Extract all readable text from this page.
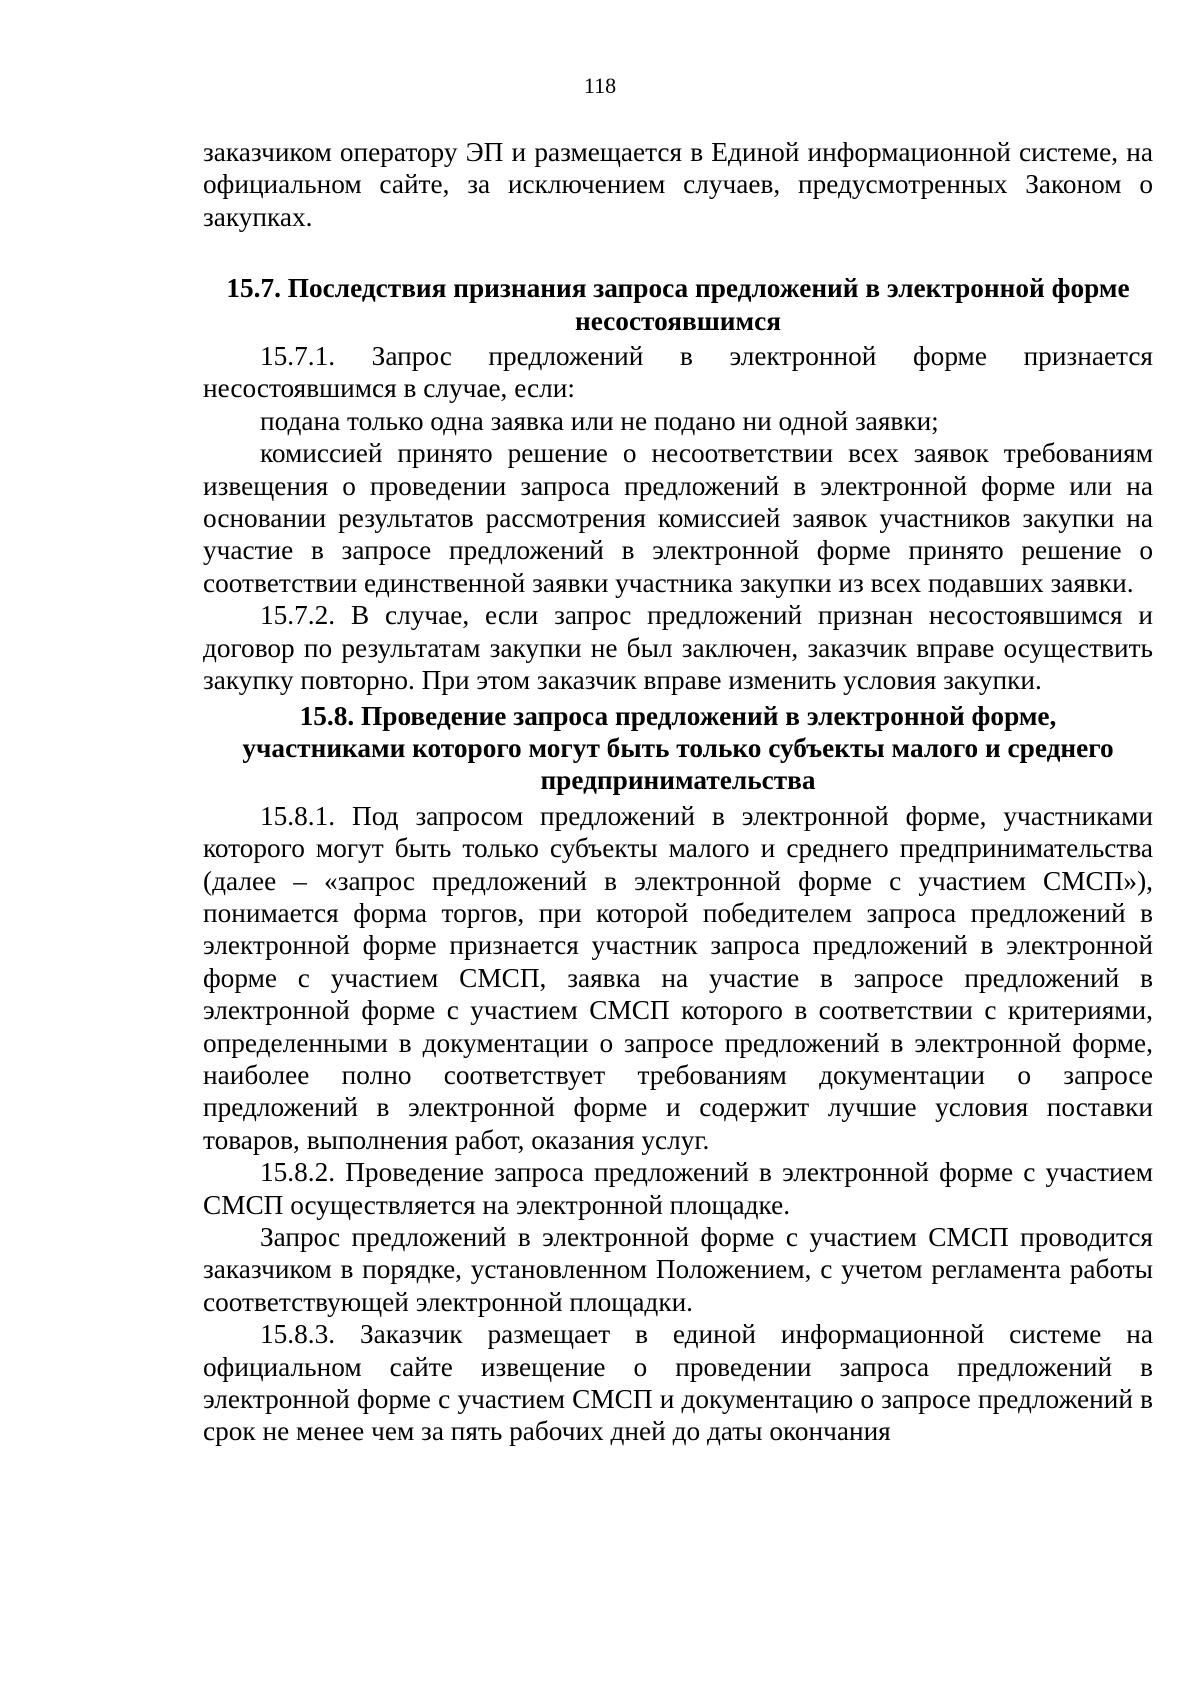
118

заказчиком оператору ЭП и размещается в Единой информационной системе, на официальном сайте, за исключением случаев, предусмотренных Законом о закупках.

15.7. Последствия признания запроса предложений в электронной форме
несостоявшимся

15.7.1. Запрос предложений в электронной форме признается несостоявшимся в случае, если:

подана только одна заявка или не подано ни одной заявки;

комиссией принято решение о несоответствии всех заявок требованиям извещения о проведении запроса предложений в электронной форме или на основании результатов рассмотрения комиссией заявок участников закупки на участие в запросе предложений в электронной форме принято решение о соответствии единственной заявки участника закупки из всех подавших заявки.

15.7.2. В случае, если запрос предложений признан несостоявшимся и договор по результатам закупки не был заключен, заказчик вправе осуществить закупку повторно. При этом заказчик вправе изменить условия закупки.

15.8. Проведение запроса предложений в электронной форме,
участниками которого могут быть только субъекты малого и среднего
предпринимательства

15.8.1. Под запросом предложений в электронной форме, участниками которого могут быть только субъекты малого и среднего предпринимательства (далее – «запрос предложений в электронной форме с участием СМСП»), понимается форма торгов, при которой победителем запроса предложений в электронной форме признается участник запроса предложений в электронной форме с участием СМСП, заявка на участие в запросе предложений в электронной форме с участием СМСП которого в соответствии с критериями, определенными в документации о запросе предложений в электронной форме, наиболее полно соответствует требованиям документации о запросе предложений в электронной форме и содержит лучшие условия поставки товаров, выполнения работ, оказания услуг.

15.8.2. Проведение запроса предложений в электронной форме с участием СМСП осуществляется на электронной площадке.

Запрос предложений в электронной форме с участием СМСП проводится заказчиком в порядке, установленном Положением, с учетом регламента работы соответствующей электронной площадки.

15.8.3. Заказчик размещает в единой информационной системе на официальном сайте извещение о проведении запроса предложений в электронной форме с участием СМСП и документацию о запросе предложений в срок не менее чем за пять рабочих дней до даты окончания
